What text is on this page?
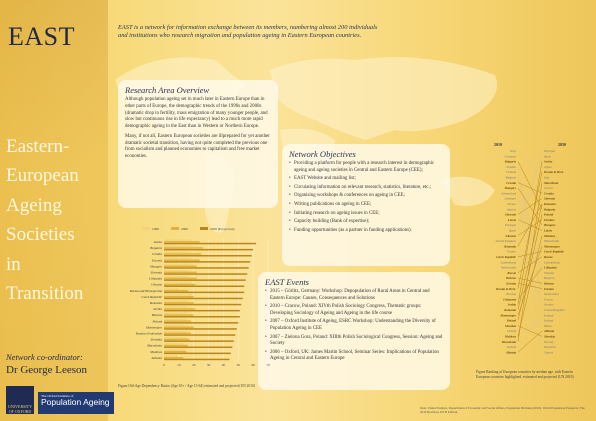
EAST
Eastern-
European
Ageing
Societies
in
Transition
EAST is a network for information exchange between its members, numbering almost 200 individuals and institutions who research migration and population ageing in Eastern European countries.
Research Area Overview

Although population ageing set in much later in Eastern Europe than in other parts of Europe, the demographic trends of the 1990s and 2000s (dramatic drop in fertility, mass emigration of many younger people, and slow but continuous rise in life expectancy) lead to a much more rapid demographic ageing in the East than in Western or Northern Europe.

Many, if not all, Eastern European societies are illprepared for yet another dramatic societal transition, having not quite completed the previous one from socialism and planned economies to capitalism and free market economies.	Network Objectives
• Providing a platform for people with a research interest in demographic ageing and ageing societies in Central and Eastern Europe (CEE);
• EAST Website and mailing list;
• Circulating information on relevant research, statistics, literature, etc.;
• Organising workshops & conferences on ageing in CEE;
• Writing publications on ageing in CEE;
• Initiating research on ageing issues in CEE;
• Capacity building (Bank of expertise);
• Funding opportunities (as a partner in funding applications).
EAST Events
• 2015 – Görlitz, Germany: Workshop: Depopulation of Rural Areas in Central and Eastern Europe: Causes, Consequences and Solutions
• 2010 – Cracow, Poland: XIVth Polish Sociology Congress, Thematic groups: Developing Sociology of Ageing and Ageing in the life course
• 2007 – Oxford Institute of Ageing, ESRC Workshop: Understanding the Diversity of Population Ageing in CEE
• 2007 – Zielona Gora, Poland: XIIIth Polish Sociological Congress, Session: Ageing and Society
• 2006 – Oxford, UK: James Martin School, Seminar Series: Implications of Population Ageing in Central and Eastern Europe
1990
	2000
	2050 (Projection)
0	10	20	30	40	50	60	70
Latvia
Bulgaria
Croatia
Estonia
Hungary
Slovenia
Lithuania
Ukraine
Russia and Herzegovina
Czech Republic
Romania
Serbia
Belarus
Poland
Montenegro
Russian Federation
Slovakia
Macedonia
Moldova
Albania
Figure Old-Age Dependency Ratios (Age 65+ / Age 15-64) estimated and projected (UN 2010)
2010	2050
Italy
Germany
Bulgaria
Sweden
Finland
Belgium
Croatia
Hungary
Switzerland
Denmark
Greece
Austria
Slovenia
Latvia
Portugal
Spain
Ukraine
United Kingdom
Romania
France
Czech Republic
Luxembourg
Netherlands
Russia
Belarus
Estonia
Bosnia & Herz.
Norway
Lithuania
Serbia
Romania
Montenegro
Poland
Slovakia
Ireland
Moldova
Macedonia
Iceland
Albania
Portugal
Spain
Serbia
Japan
Bosnia & Herz.
Italy
Macedonia
Greece
Croatia
Slovenia
Romania
Bulgaria
Poland
Ukraine
Hungary
Latvia
Moldova
Netherlands
Montenegro
Czech Republic
Russia
Luxembourg
Lithuania
Finland
Belgium
Belarus
Estonia
Switzerland
France
Sweden
United Kingdom
Iceland
Ireland
Malta
Albania
Slovakia
Norway
Denmark
Cyprus
Figure Ranking of European countries by median age, with Eastern European countries highlighted, estimated and projected (UN 2010)
Network co-ordinator:
Dr George Leeson
UNIVERSITY OF OXFORD
The Oxford Institute of
Population Ageing
Data: United Nations, Department of Economic and Social Affairs, Population Division (2010). World Population Prospects: The 2010 Revision, DVD Edition.
